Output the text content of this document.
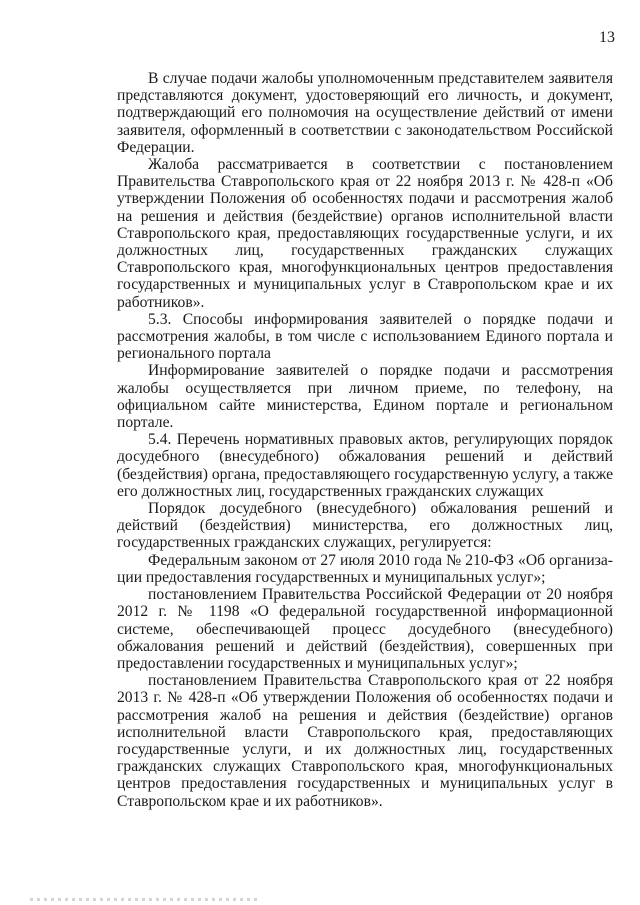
13

В случае подачи жалобы уполномоченным представителем заявителя представляются документ, удостоверяющий его личность, и документ, подтверждающий его полномочия на осуществление действий от имени заявителя, оформленный в соответствии с законодательством Российской Федерации.

Жалоба рассматривается в соответствии с постановлением Правительства Ставропольского края от 22 ноября 2013 г. № 428-п «Об утверждении Положения об особенностях подачи и рассмотрения жалоб на решения и действия (бездействие) органов исполнительной власти Ставропольского края, предоставляющих государственные услуги, и их должностных лиц, государственных гражданских служащих Ставропольского края, многофункциональных центров предоставления государственных и муниципальных услуг в Ставропольском крае и их работников».

5.3. Способы информирования заявителей о порядке подачи и рассмотрения жалобы, в том числе с использованием Единого портала и регионального портала

Информирование заявителей о порядке подачи и рассмотрения жалобы осуществляется при личном приеме, по телефону, на официальном сайте министерства, Едином портале и региональном портале.

5.4. Перечень нормативных правовых актов, регулирующих порядок досудебного (внесудебного) обжалования решений и действий (бездействия) органа, предоставляющего государственную услугу, а также его должностных лиц, государственных гражданских служащих

Порядок досудебного (внесудебного) обжалования решений и действий (бездействия) министерства, его должностных лиц, государственных гражданских служащих, регулируется:

Федеральным законом от 27 июля 2010 года № 210-ФЗ «Об организации предоставления государственных и муниципальных услуг»;

постановлением Правительства Российской Федерации от 20 ноября 2012 г. № 1198 «О федеральной государственной информационной системе, обеспечивающей процесс досудебного (внесудебного) обжалования решений и действий (бездействия), совершенных при предоставлении государственных и муниципальных услуг»;

постановлением Правительства Ставропольского края от 22 ноября 2013 г. № 428-п «Об утверждении Положения об особенностях подачи и рассмотрения жалоб на решения и действия (бездействие) органов исполнительной власти Ставропольского края, предоставляющих государственные услуги, и их должностных лиц, государственных гражданских служащих Ставропольского края, многофункциональных центров предоставления государственных и муниципальных услуг в Ставропольском крае и их работников».
